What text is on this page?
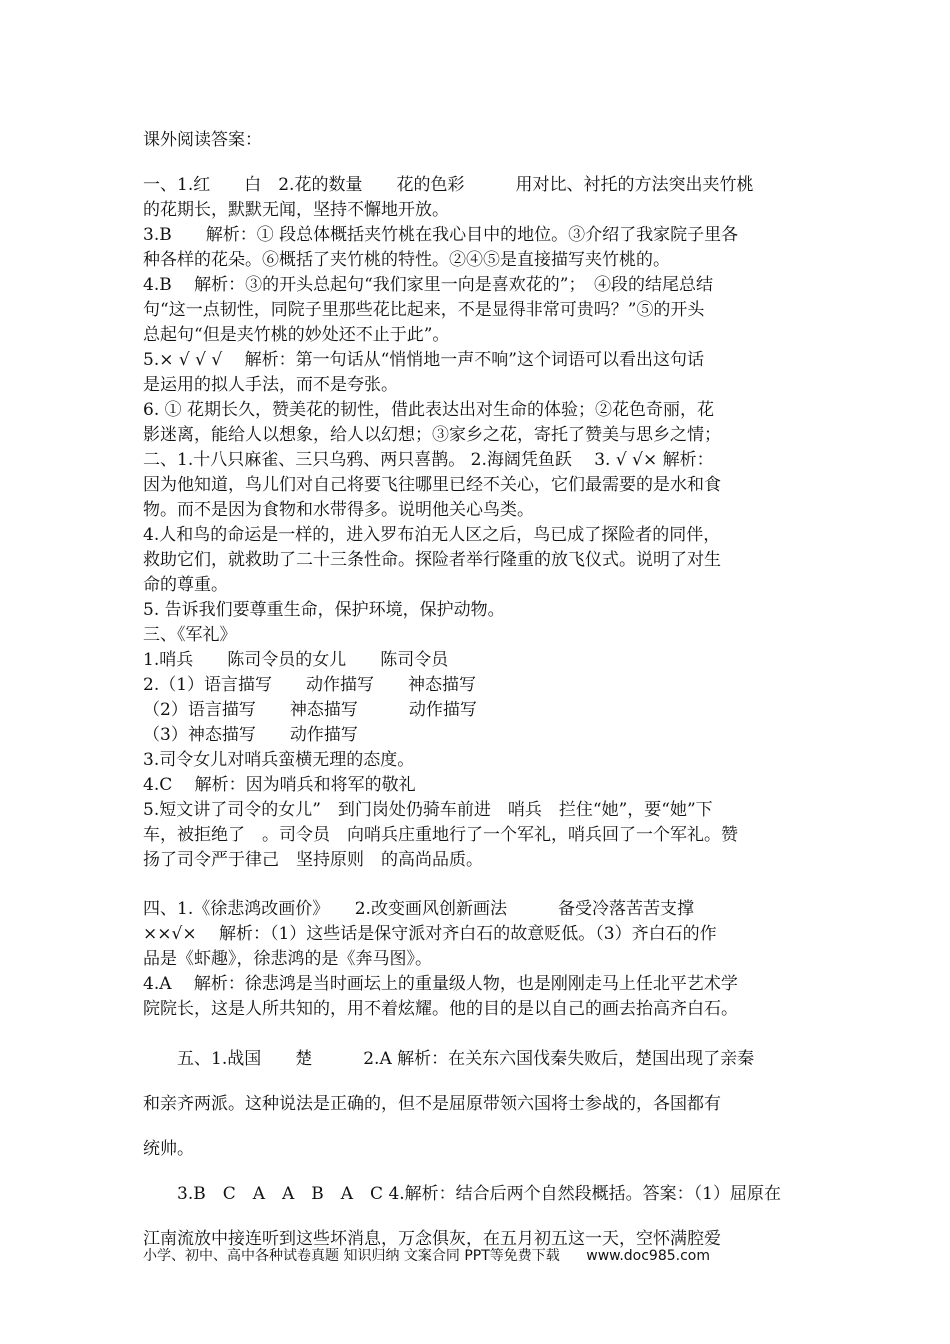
课外阅读答案：
一、1.红　　白　2.花的数量　　花的色彩　　　用对比、衬托的方法突出夹竹桃
的花期长，默默无闻，坚持不懈地开放。
3.B　　解析：① 段总体概括夹竹桃在我心目中的地位。③介绍了我家院子里各
种各样的花朵。⑥概括了夹竹桃的特性。②④⑤是直接描写夹竹桃的。
4.B　 解析：③的开头总起句“我们家里一向是喜欢花的”；　④段的结尾总结
句“这一点韧性，同院子里那些花比起来，不是显得非常可贵吗？”⑤的开头
总起句“但是夹竹桃的妙处还不止于此”。
5.× √ √ √　 解析：第一句话从“悄悄地一声不响”这个词语可以看出这句话
是运用的拟人手法，而不是夸张。
6. ① 花期长久，赞美花的韧性，借此表达出对生命的体验；②花色奇丽，花
影迷离，能给人以想象，给人以幻想；③家乡之花，寄托了赞美与思乡之情；
二、1.十八只麻雀、三只乌鸦、两只喜鹊。 2.海阔凭鱼跃　 3. √ √× 解析：
因为他知道，鸟儿们对自己将要飞往哪里已经不关心，它们最需要的是水和食
物。而不是因为食物和水带得多。说明他关心鸟类。
4.人和鸟的命运是一样的，进入罗布泊无人区之后，鸟已成了探险者的同伴，
救助它们，就救助了二十三条性命。探险者举行隆重的放飞仪式。说明了对生
命的尊重。
5. 告诉我们要尊重生命，保护环境，保护动物。
三、《军礼》
1.哨兵　　陈司令员的女儿　　陈司令员
2.（1）语言描写　　动作描写　　神态描写
（2）语言描写　　神态描写　　　动作描写
（3）神态描写　　动作描写
3.司令女儿对哨兵蛮横无理的态度。
4.C　 解析：因为哨兵和将军的敬礼
5.短文讲了司令的女儿”　到门岗处仍骑车前进　哨兵　拦住“她”，要“她”下
车，被拒绝了　。司令员　向哨兵庄重地行了一个军礼，哨兵回了一个军礼。赞
扬了司令严于律己　坚持原则　的高尚品质。
四、1.《徐悲鸿改画价》　　2.改变画风创新画法　　　备受冷落苦苦支撑
××√×　 解析：（1）这些话是保守派对齐白石的故意贬低。（3）齐白石的作
品是《虾趣》，徐悲鸿的是《奔马图》。
4.A　 解析：徐悲鸿是当时画坛上的重量级人物，也是刚刚走马上任北平艺术学
院院长，这是人所共知的，用不着炫耀。他的目的是以自己的画去抬高齐白石。
　　五、1.战国　　楚　　　2.A 解析：在关东六国伐秦失败后，楚国出现了亲秦
和亲齐两派。这种说法是正确的，但不是屈原带领六国将士参战的，各国都有
统帅。
　　3.B　C　A　A　B　A　C 4.解析：结合后两个自然段概括。答案：（1）屈原在
江南流放中接连听到这些坏消息，万念俱灰，在五月初五这一天，空怀满腔爱
小学、初中、高中各种试卷真题 知识归纳 文案合同 PPT等免费下载 www.doc985.com
